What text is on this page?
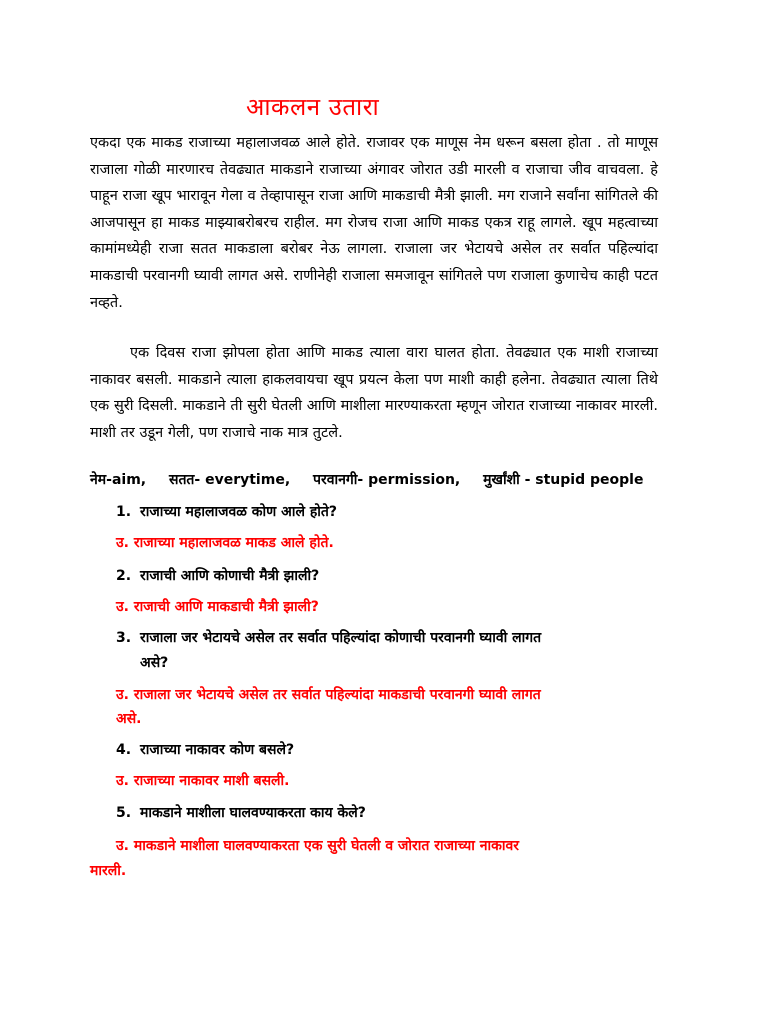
आकलन उतारा
एकदा एक माकड राजाच्या महालाजवळ आले होते. राजावर एक माणूस नेम धरून बसला होता . तो माणूस राजाला गोळी मारणारच तेवढ्यात माकडाने राजाच्या अंगावर जोरात उडी मारली व राजाचा जीव वाचवला. हे पाहून राजा खूप भारावून गेला व तेव्हापासून राजा आणि माकडाची मैत्री झाली. मग राजाने सर्वांना सांगितले की आजपासून हा माकड माझ्याबरोबरच राहील. मग रोजच राजा आणि माकड एकत्र राहू लागले. खूप महत्वाच्या कामांमध्येही राजा सतत माकडाला बरोबर नेऊ लागला. राजाला जर भेटायचे असेल तर सर्वात पहिल्यांदा माकडाची परवानगी घ्यावी लागत असे. राणीनेही राजाला समजावून सांगितले पण राजाला कुणाचेच काही पटत नव्हते.
एक दिवस राजा झोपला होता आणि माकड त्याला वारा घालत होता. तेवढ्यात एक माशी राजाच्या नाकावर बसली. माकडाने त्याला हाकलवायचा खूप प्रयत्न केला पण माशी काही हलेना. तेवढ्यात त्याला तिथे एक सुरी दिसली. माकडाने ती सुरी घेतली आणि माशीला मारण्याकरता म्हणून जोरात राजाच्या नाकावर मारली. माशी तर उडून गेली, पण राजाचे नाक मात्र तुटले.
नेम-aim, सतत- everytime, परवानगी- permission, मुर्खांशी - stupid people
1. राजाच्या महालाजवळ कोण आले होते?
उ. राजाच्या महालाजवळ माकड आले होते.
2. राजाची आणि कोणाची मैत्री झाली?
उ. राजाची आणि माकडाची मैत्री झाली?
3. राजाला जर भेटायचे असेल तर सर्वात पहिल्यांदा कोणाची परवानगी घ्यावी लागत
असे?
उ. राजाला जर भेटायचे असेल तर सर्वात पहिल्यांदा माकडाची परवानगी घ्यावी लागत
असे.
4. राजाच्या नाकावर कोण बसले?
उ. राजाच्या नाकावर माशी बसली.
5. माकडाने माशीला घालवण्याकरता काय केले?
उ. माकडाने माशीला घालवण्याकरता एक सुरी घेतली व जोरात राजाच्या नाकावर
मारली.
